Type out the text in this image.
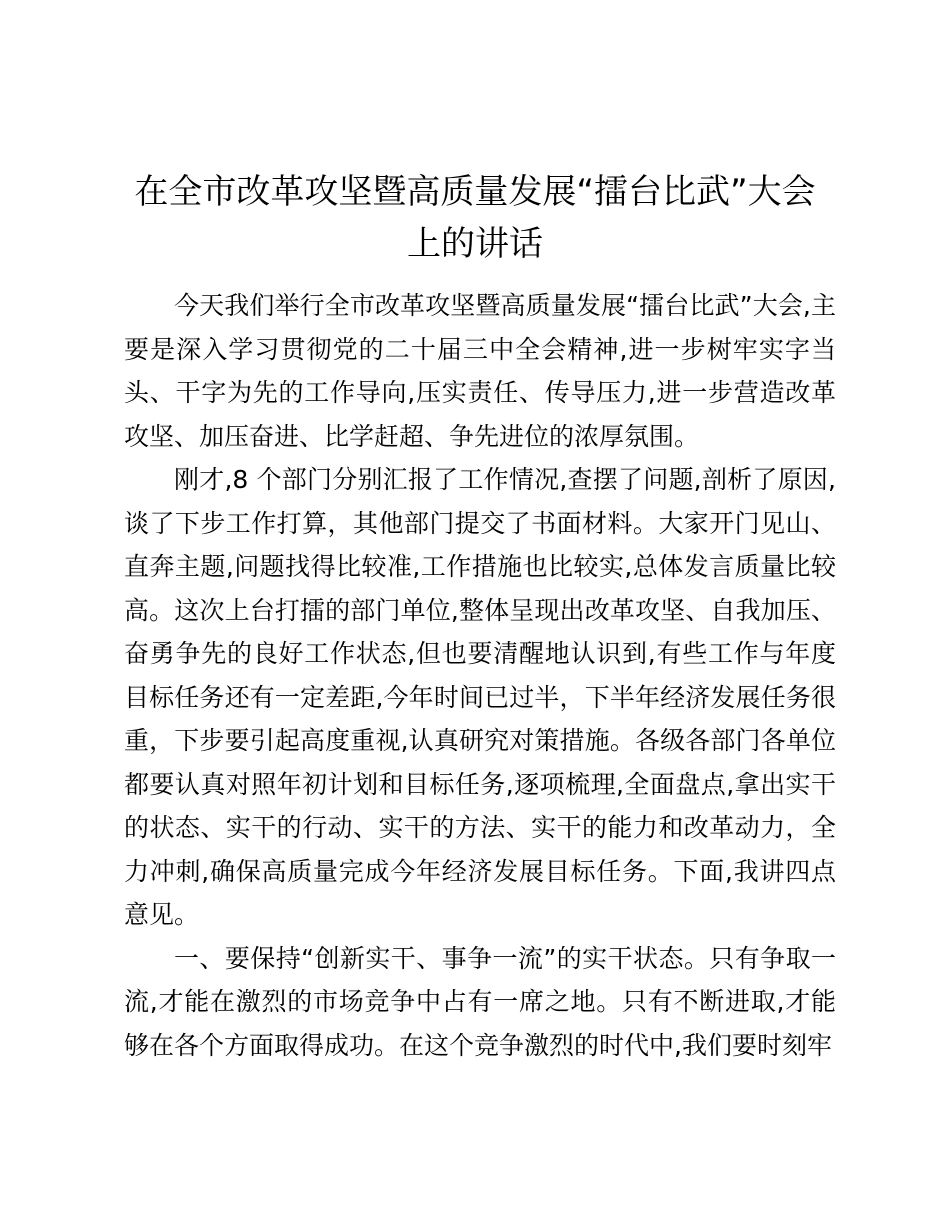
在全市改革攻坚暨高质量发展“擂台比武”大会
上的讲话

今天我们举行全市改革攻坚暨高质量发展“擂台比武”大会,主要是深入学习贯彻党的二十届三中全会精神,进一步树牢实字当头、干字为先的工作导向,压实责任、传导压力,进一步营造改革攻坚、加压奋进、比学赶超、争先进位的浓厚氛围。

刚才,8 个部门分别汇报了工作情况,查摆了问题,剖析了原因,谈了下步工作打算，其他部门提交了书面材料。大家开门见山、直奔主题,问题找得比较准,工作措施也比较实,总体发言质量比较高。这次上台打擂的部门单位,整体呈现出改革攻坚、自我加压、奋勇争先的良好工作状态,但也要清醒地认识到,有些工作与年度目标任务还有一定差距,今年时间已过半，下半年经济发展任务很重，下步要引起高度重视,认真研究对策措施。各级各部门各单位都要认真对照年初计划和目标任务,逐项梳理,全面盘点,拿出实干的状态、实干的行动、实干的方法、实干的能力和改革动力，全力冲刺,确保高质量完成今年经济发展目标任务。下面,我讲四点意见。

一、要保持“创新实干、事争一流”的实干状态。只有争取一流,才能在激烈的市场竞争中占有一席之地。只有不断进取,才能够在各个方面取得成功。在这个竞争激烈的时代中,我们要时刻牢
